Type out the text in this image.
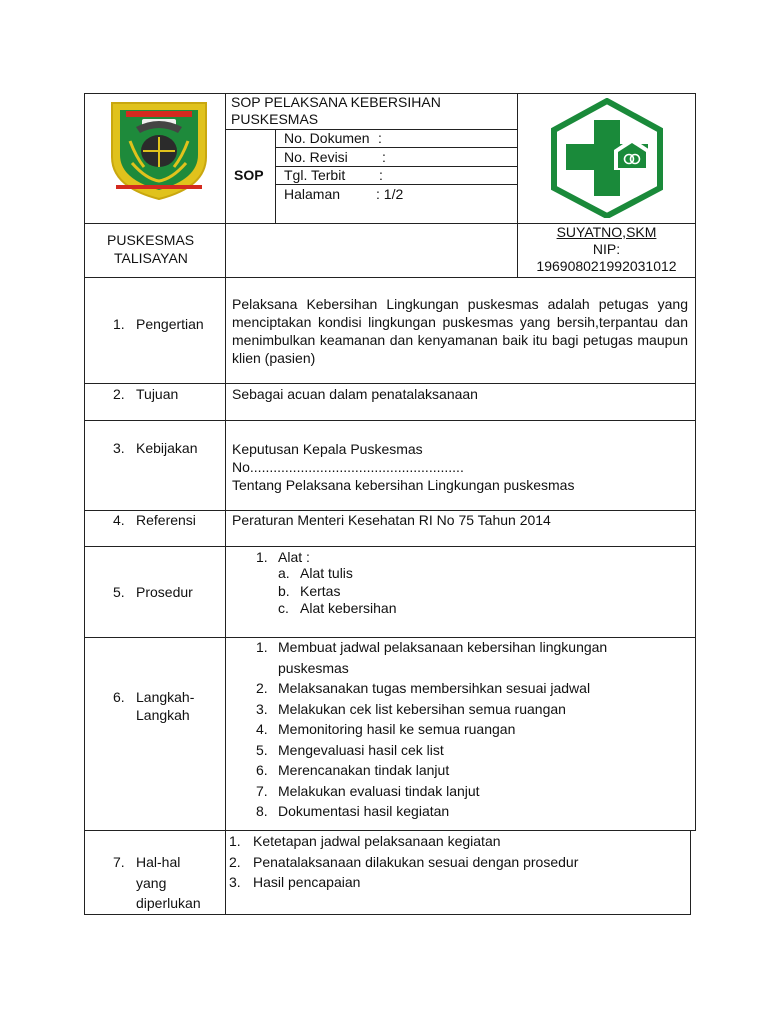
SOP PELAKSANA KEBERSIHAN PUSKESMAS
SOP
No. Dokumen :
No. Revisi :
Tgl. Terbit :
Halaman	: 1/2
PUSKESMAS
TALISAYAN
SUYATNO,SKM
NIP:
196908021992031012
1. Pengertian
2. Tujuan
3. Kebijakan
4. Referensi
5. Prosedur
6. Langkah-
Langkah
7. Hal-hal
yang
diperlukan
Pelaksana Kebersihan Lingkungan puskesmas adalah petugas yang menciptakan kondisi lingkungan puskesmas yang bersih,terpantau dan menimbulkan keamanan dan kenyamanan baik itu bagi petugas maupun klien (pasien)
Sebagai acuan dalam penatalaksanaan
Keputusan Kepala Puskesmas
No.......................................................
Tentang Pelaksana kebersihan Lingkungan puskesmas
Peraturan Menteri Kesehatan RI No 75 Tahun 2014
1. Alat :
a. Alat tulis
b. Kertas
c. Alat kebersihan
1. Membuat jadwal pelaksanaan kebersihan lingkungan
puskesmas
2. Melaksanakan tugas membersihkan sesuai jadwal
3. Melakukan cek list kebersihan semua ruangan
4. Memonitoring hasil ke semua ruangan
5. Mengevaluasi hasil cek list
6. Merencanakan tindak lanjut
7. Melakukan evaluasi tindak lanjut
8. Dokumentasi hasil kegiatan
1. Ketetapan jadwal pelaksanaan kegiatan
2. Penatalaksanaan dilakukan sesuai dengan prosedur
3. Hasil pencapaian
